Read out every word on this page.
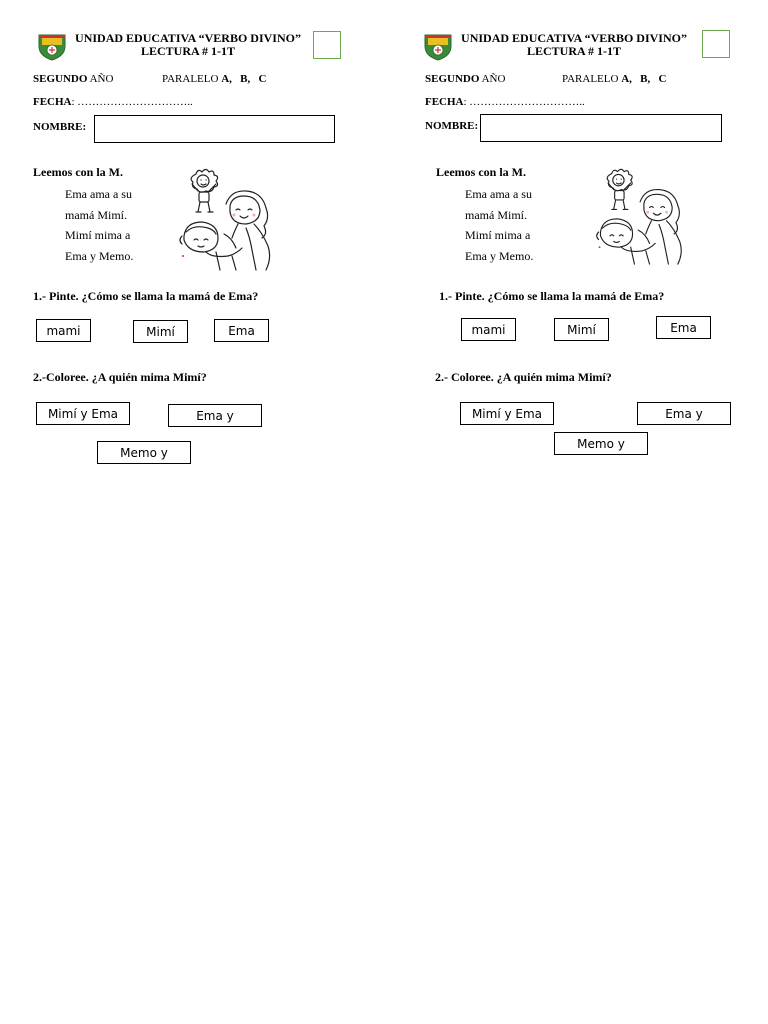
UNIDAD EDUCATIVA “VERBO DIVINO”
LECTURA # 1-1T
SEGUNDO AÑO	PARALELO A,   B,   C
FECHA: …………………………..
NOMBRE:
Leemos con la M.
Ema ama a su
mamá Mimí.
Mimí mima a
Ema y Memo.
1.- Pinte. ¿Cómo se llama la mamá de Ema?
mami	Mimí	Ema
2.-Coloree. ¿A quién mima Mimí?
Mimí y Ema	Ema y
Memo y
UNIDAD EDUCATIVA “VERBO DIVINO”
LECTURA # 1-1T
SEGUNDO AÑO	PARALELO A,   B,   C
FECHA: …………………………..
NOMBRE:
Leemos con la M.
Ema ama a su
mamá Mimí.
Mimí mima a
Ema y Memo.
1.- Pinte. ¿Cómo se llama la mamá de Ema?
mami	Mimí	Ema
2.- Coloree. ¿A quién mima Mimí?
Mimí y Ema	Ema y
Memo y
